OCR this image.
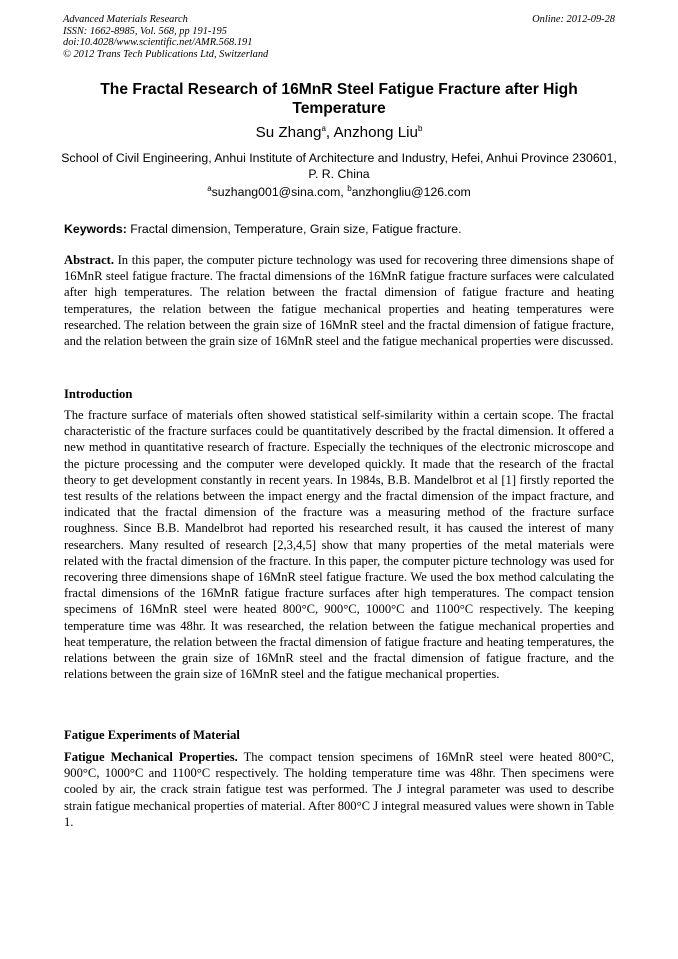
Advanced Materials Research
ISSN: 1662-8985, Vol. 568, pp 191-195
doi:10.4028/www.scientific.net/AMR.568.191
© 2012 Trans Tech Publications Ltd, Switzerland
Online: 2012-09-28
The Fractal Research of 16MnR Steel Fatigue Fracture after High Temperature
Su Zhang$^a$, Anzhong Liu$^b$
School of Civil Engineering, Anhui Institute of Architecture and Industry, Hefei, Anhui Province 230601, P. R. China
$^a$suzhang001@sina.com, $^b$anzhongliu@126.com
Keywords: Fractal dimension, Temperature, Grain size, Fatigue fracture.
Abstract. In this paper, the computer picture technology was used for recovering three dimensions shape of 16MnR steel fatigue fracture. The fractal dimensions of the 16MnR fatigue fracture surfaces were calculated after high temperatures. The relation between the fractal dimension of fatigue fracture and heating temperatures, the relation between the fatigue mechanical properties and heating temperatures were researched. The relation between the grain size of 16MnR steel and the fractal dimension of fatigue fracture, and the relation between the grain size of 16MnR steel and the fatigue mechanical properties were discussed.
Introduction
The fracture surface of materials often showed statistical self-similarity within a certain scope. The fractal characteristic of the fracture surfaces could be quantitatively described by the fractal dimension. It offered a new method in quantitative research of fracture. Especially the techniques of the electronic microscope and the picture processing and the computer were developed quickly. It made that the research of the fractal theory to get development constantly in recent years. In 1984s, B.B. Mandelbrot et al [1] firstly reported the test results of the relations between the impact energy and the fractal dimension of the impact fracture, and indicated that the fractal dimension of the fracture was a measuring method of the fracture surface roughness. Since B.B. Mandelbrot had reported his researched result, it has caused the interest of many researchers. Many resulted of research [2,3,4,5] show that many properties of the metal materials were related with the fractal dimension of the fracture. In this paper, the computer picture technology was used for recovering three dimensions shape of 16MnR steel fatigue fracture. We used the box method calculating the fractal dimensions of the 16MnR fatigue fracture surfaces after high temperatures. The compact tension specimens of 16MnR steel were heated 800°C, 900°C, 1000°C and 1100°C respectively. The keeping temperature time was 48hr. It was researched, the relation between the fatigue mechanical properties and heat temperature, the relation between the fractal dimension of fatigue fracture and heating temperatures, the relations between the grain size of 16MnR steel and the fractal dimension of fatigue fracture, and the relations between the grain size of 16MnR steel and the fatigue mechanical properties.
Fatigue Experiments of Material
Fatigue Mechanical Properties. The compact tension specimens of 16MnR steel were heated 800°C, 900°C, 1000°C and 1100°C respectively. The holding temperature time was 48hr. Then specimens were cooled by air, the crack strain fatigue test was performed. The J integral parameter was used to describe strain fatigue mechanical properties of material. After 800°C J integral measured values were shown in Table 1.
